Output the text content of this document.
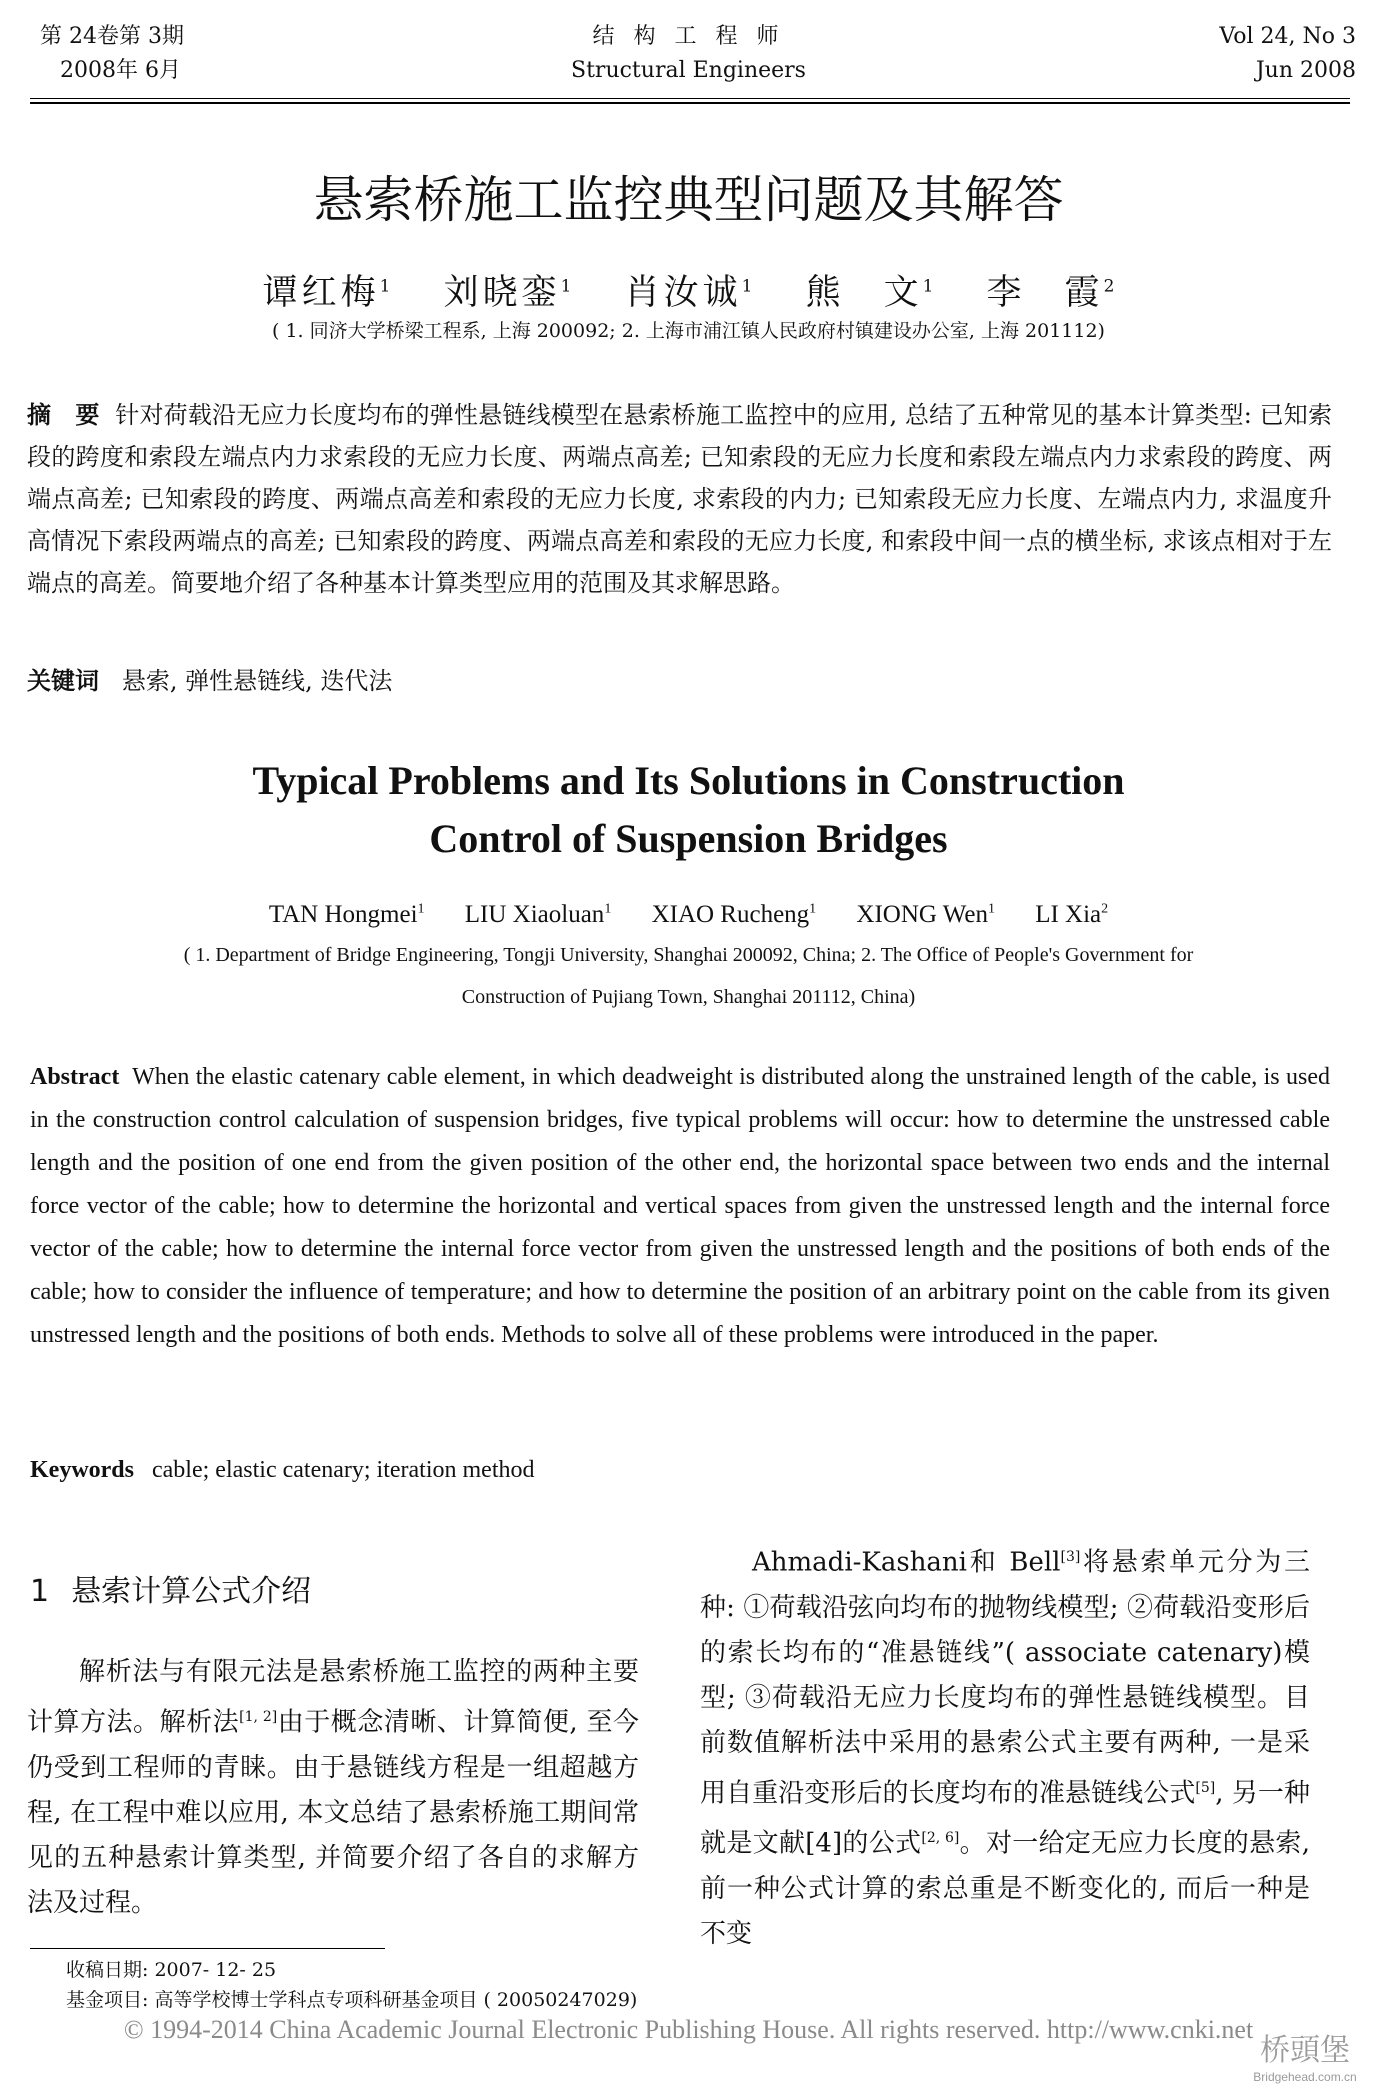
第 24卷第 3期
2008年 6月
结 构 工 程 师
Structural Engineers
Vol 24, No 3
Jun 2008
悬索桥施工监控典型问题及其解答
谭红梅$^1$ 刘晓銮$^1$ 肖汝诚$^1$ 熊　文$^1$ 李　霞$^2$
( 1. 同济大学桥梁工程系, 上海 200092; 2. 上海市浦江镇人民政府村镇建设办公室, 上海 201112)
摘　要 针对荷载沿无应力长度均布的弹性悬链线模型在悬索桥施工监控中的应用, 总结了五种常见的基本计算类型: 已知索段的跨度和索段左端点内力求索段的无应力长度、两端点高差; 已知索段的无应力长度和索段左端点内力求索段的跨度、两端点高差; 已知索段的跨度、两端点高差和索段的无应力长度, 求索段的内力; 已知索段无应力长度、左端点内力, 求温度升高情况下索段两端点的高差; 已知索段的跨度、两端点高差和索段的无应力长度, 和索段中间一点的横坐标, 求该点相对于左端点的高差。简要地介绍了各种基本计算类型应用的范围及其求解思路。
关键词 悬索, 弹性悬链线, 迭代法
Typical Problems and Its Solutions in Construction
Control of Suspension Bridges
TAN Hongmei$^1$ LIU Xiaoluan$^1$ XIAO Rucheng$^1$ XIONG Wen$^1$ LI Xia$^2$
( 1. Department of Bridge Engineering, Tongji University, Shanghai 200092, China; 2. The Office of People's Government for Construction of Pujiang Town, Shanghai 201112, China)
Abstract When the elastic catenary cable element, in which deadweight is distributed along the unstrained length of the cable, is used in the construction control calculation of suspension bridges, five typical problems will occur: how to determine the unstressed cable length and the position of one end from the given position of the other end, the horizontal space between two ends and the internal force vector of the cable; how to determine the horizontal and vertical spaces from given the unstressed length and the internal force vector of the cable; how to determine the internal force vector from given the unstressed length and the positions of both ends of the cable; how to consider the influence of temperature; and how to determine the position of an arbitrary point on the cable from its given unstressed length and the positions of both ends. Methods to solve all of these problems were introduced in the paper.
Keywords cable; elastic catenary; iteration method
1 悬索计算公式介绍

解析法与有限元法是悬索桥施工监控的两种主要计算方法。解析法[1, 2]由于概念清晰、计算简便, 至今仍受到工程师的青睐。由于悬链线方程是一组超越方程, 在工程中难以应用, 本文总结了悬索桥施工期间常见的五种悬索计算类型, 并简要介绍了各自的求解方法及过程。

Ahmadi-Kashani和 Bell[3]将悬索单元分为三种: ①荷载沿弦向均布的抛物线模型; ②荷载沿变形后的索长均布的“准悬链线”( associate catenary)模型; ③荷载沿无应力长度均布的弹性悬链线模型。目前数值解析法中采用的悬索公式主要有两种, 一是采用自重沿变形后的长度均布的准悬链线公式[5], 另一种就是文献[4]的公式[2, 6]。对一给定无应力长度的悬索, 前一种公式计算的索总重是不断变化的, 而后一种是不变

收稿日期: 2007- 12- 25
基金项目: 高等学校博士学科点专项科研基金项目 ( 20050247029)
© 1994-2014 China Academic Journal Electronic Publishing House. All rights reserved. http://www.cnki.net
桥頭堡
Bridgehead.com.cn
